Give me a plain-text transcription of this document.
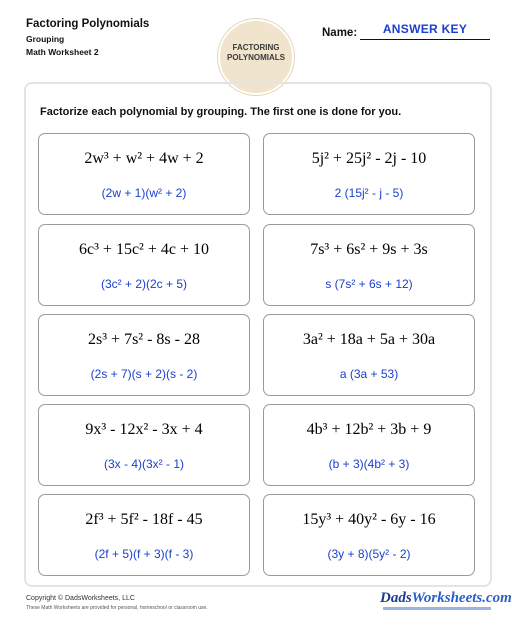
Factoring Polynomials
Grouping
Math Worksheet 2	FACTORING
POLYNOMIALS
Name:	ANSWER KEY
Factorize each polynomial by grouping. The first one is done for you.
2w³ + w² + 4w + 2
(2w + 1)(w² + 2)
5j² + 25j² - 2j - 10
2 (15j² - j - 5)
6c³ + 15c² + 4c + 10
(3c² + 2)(2c + 5)
7s³ + 6s² + 9s + 3s
s (7s² + 6s + 12)
2s³ + 7s² - 8s - 28
(2s + 7)(s + 2)(s - 2)
3a² + 18a + 5a + 30a
a (3a + 53)
9x³ - 12x² - 3x + 4
(3x - 4)(3x² - 1)
4b³ + 12b² + 3b + 9
(b + 3)(4b² + 3)
2f³ + 5f² - 18f - 45
(2f + 5)(f + 3)(f - 3)
15y³ + 40y² - 6y - 16
(3y + 8)(5y² - 2)
Copyright © DadsWorksheets, LLC
These Math Worksheets are provided for personal, homeschool or classroom use.
DadsWorksheets.com
